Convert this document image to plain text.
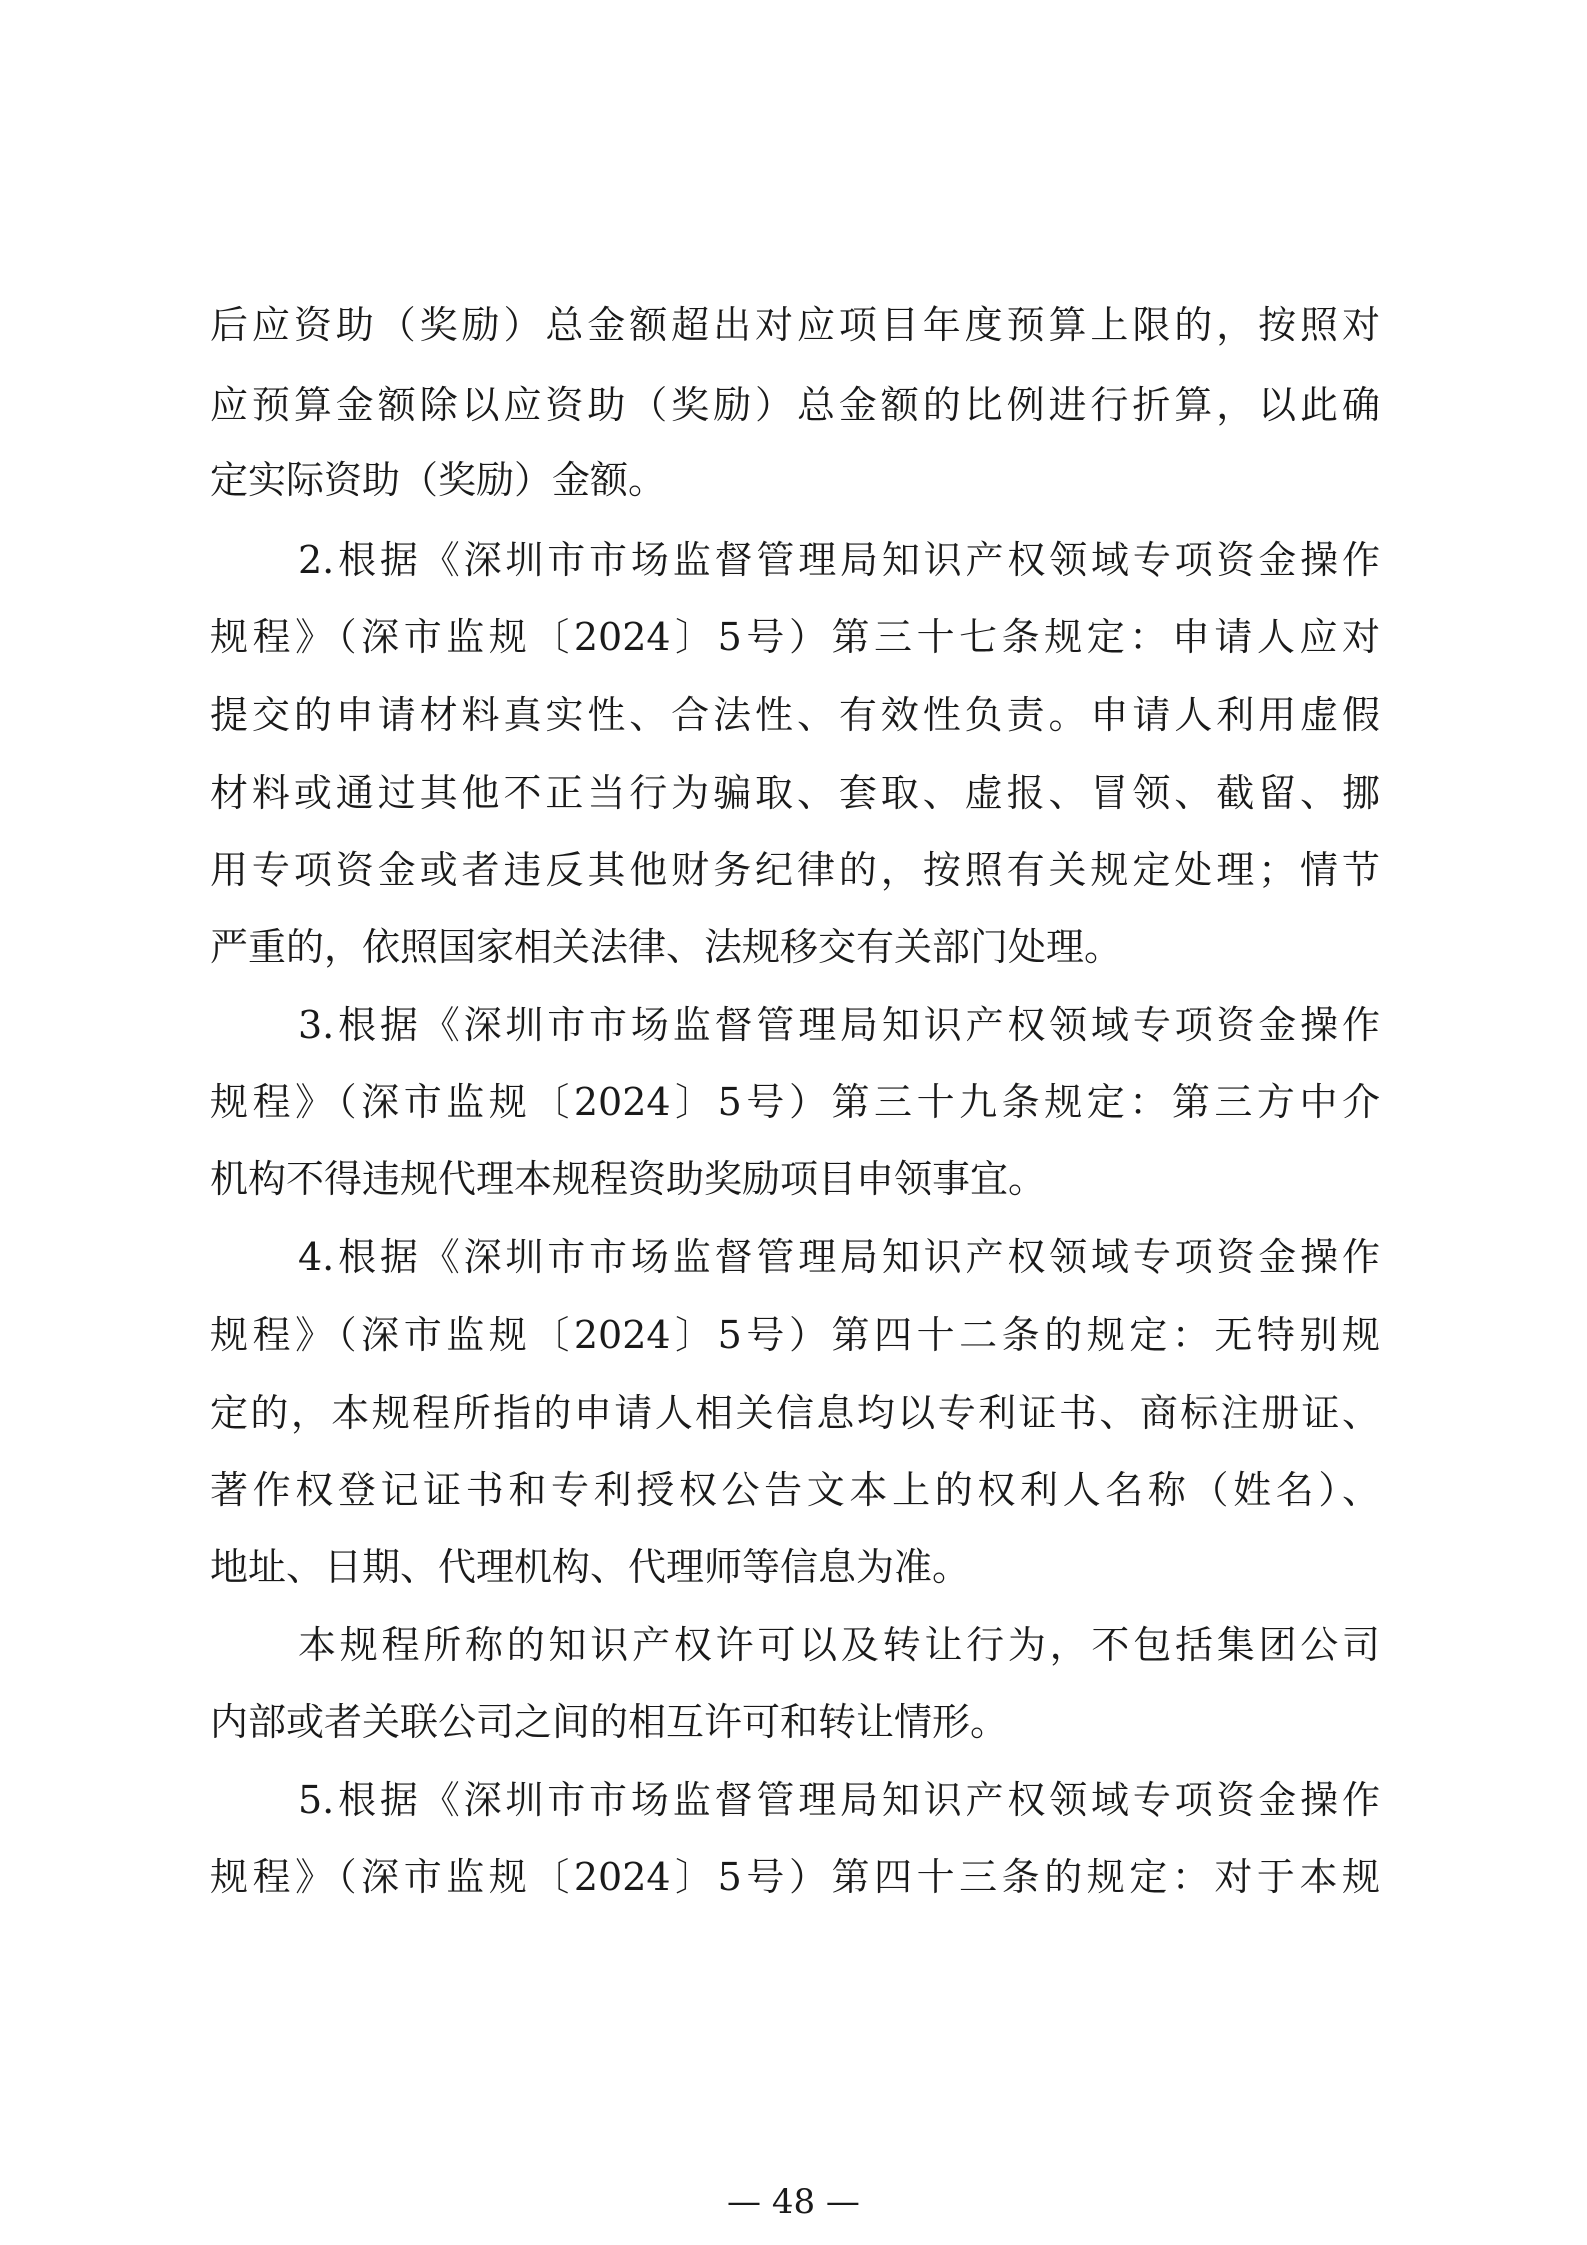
后应资助（奖励）总金额超出对应项目年度预算上限的，按照对
应预算金额除以应资助（奖励）总金额的比例进行折算，以此确
定实际资助（奖励）金额。
2.根据《深圳市市场监督管理局知识产权领域专项资金操作
规程》（深市监规〔2024〕5号）第三十七条规定：申请人应对
提交的申请材料真实性、合法性、有效性负责。申请人利用虚假
材料或通过其他不正当行为骗取、套取、虚报、冒领、截留、挪
用专项资金或者违反其他财务纪律的，按照有关规定处理；情节
严重的，依照国家相关法律、法规移交有关部门处理。
3.根据《深圳市市场监督管理局知识产权领域专项资金操作
规程》（深市监规〔2024〕5号）第三十九条规定：第三方中介
机构不得违规代理本规程资助奖励项目申领事宜。
4.根据《深圳市市场监督管理局知识产权领域专项资金操作
规程》（深市监规〔2024〕5号）第四十二条的规定：无特别规
定的，本规程所指的申请人相关信息均以专利证书、商标注册证、
著作权登记证书和专利授权公告文本上的权利人名称（姓名）、
地址、日期、代理机构、代理师等信息为准。
本规程所称的知识产权许可以及转让行为，不包括集团公司
内部或者关联公司之间的相互许可和转让情形。
5.根据《深圳市市场监督管理局知识产权领域专项资金操作
规程》（深市监规〔2024〕5号）第四十三条的规定：对于本规
— 48 —
